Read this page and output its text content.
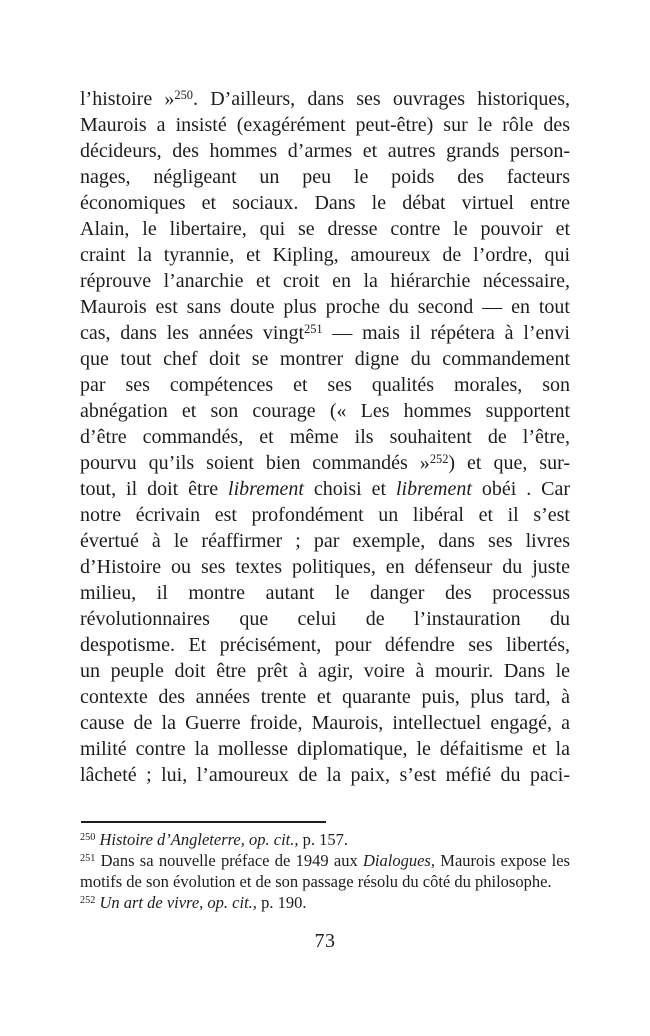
l’histoire »$^{250}$. D’ailleurs, dans ses ouvrages historiques,
Maurois a insisté (exagérément peut-être) sur le rôle des
décideurs, des hommes d’armes et autres grands person-
nages, négligeant un peu le poids des facteurs
économiques et sociaux. Dans le débat virtuel entre
Alain, le libertaire, qui se dresse contre le pouvoir et
craint la tyrannie, et Kipling, amoureux de l’ordre, qui
réprouve l’anarchie et croit en la hiérarchie nécessaire,
Maurois est sans doute plus proche du second — en tout
cas, dans les années vingt$^{251}$ — mais il répétera à l’envi
que tout chef doit se montrer digne du commandement
par ses compétences et ses qualités morales, son
abnégation et son courage (« Les hommes supportent
d’être commandés, et même ils souhaitent de l’être,
pourvu qu’ils soient bien commandés »$^{252}$) et que, sur-
tout, il doit être librement choisi et librement obéi . Car
notre écrivain est profondément un libéral et il s’est
évertué à le réaffirmer ; par exemple, dans ses livres
d’Histoire ou ses textes politiques, en défenseur du juste
milieu, il montre autant le danger des processus
révolutionnaires que celui de l’instauration du
despotisme. Et précisément, pour défendre ses libertés,
un peuple doit être prêt à agir, voire à mourir. Dans le
contexte des années trente et quarante puis, plus tard, à
cause de la Guerre froide, Maurois, intellectuel engagé, a
milité contre la mollesse diplomatique, le défaitisme et la
lâcheté ; lui, l’amoureux de la paix, s’est méfié du paci-
$^{250}$ Histoire d’Angleterre, op. cit., p. 157.
$^{251}$ Dans sa nouvelle préface de 1949 aux Dialogues, Maurois expose les
motifs de son évolution et de son passage résolu du côté du philosophe.
$^{252}$ Un art de vivre, op. cit., p. 190.
73
